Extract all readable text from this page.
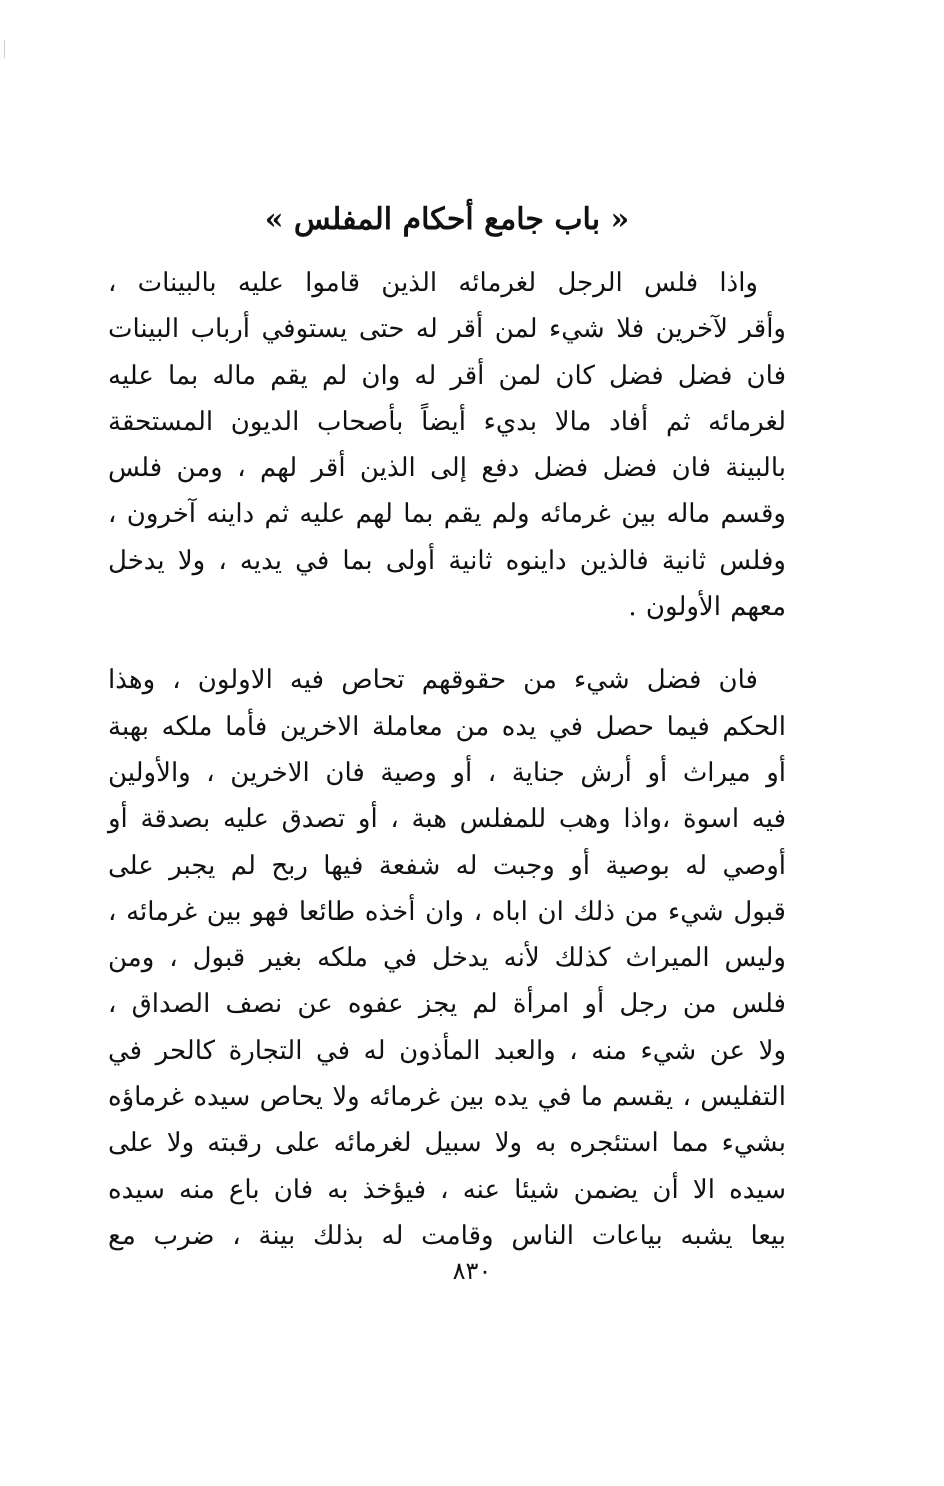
« باب جامع أحكام المفلس »

واذا فلس الرجل لغرمائه الذين قاموا عليه بالبينات ،
وأقر لآخرين فلا شيء لمن أقر له حتى يستوفي أرباب البينات
فان فضل فضل كان لمن أقر له وان لم يقم ماله بما عليه
لغرمائه ثم أفاد مالا بديء أيضاً بأصحاب الديون المستحقة
بالبينة فان فضل فضل دفع إلى الذين أقر لهم ، ومن فلس
وقسم ماله بين غرمائه ولم يقم بما لهم عليه ثم داينه آخرون ،
وفلس ثانية فالذين داينوه ثانية أولى بما في يديه ، ولا يدخل
معهم الأولون .

فان فضل شيء من حقوقهم تحاص فيه الاولون ، وهذا
الحكم فيما حصل في يده من معاملة الاخرين فأما ملكه بهبة
أو ميراث أو أرش جناية ، أو وصية فان الاخرين ، والأولين
فيه اسوة ،واذا وهب للمفلس هبة ، أو تصدق عليه بصدقة أو
أوصي له بوصية أو وجبت له شفعة فيها ربح لم يجبر على
قبول شيء من ذلك ان اباه ، وان أخذه طائعا فهو بين غرمائه ،
وليس الميراث كذلك لأنه يدخل في ملكه بغير قبول ، ومن
فلس من رجل أو امرأة لم يجز عفوه عن نصف الصداق ،
ولا عن شيء منه ، والعبد المأذون له في التجارة كالحر في
التفليس ، يقسم ما في يده بين غرمائه ولا يحاص سيده غرماؤه
بشيء مما استئجره به ولا سبيل لغرمائه على رقبته ولا على
سيده الا أن يضمن شيئا عنه ، فيؤخذ به فان باع منه سيده
بيعا يشبه بياعات الناس وقامت له بذلك بينة ، ضرب مع

٨٣٠
